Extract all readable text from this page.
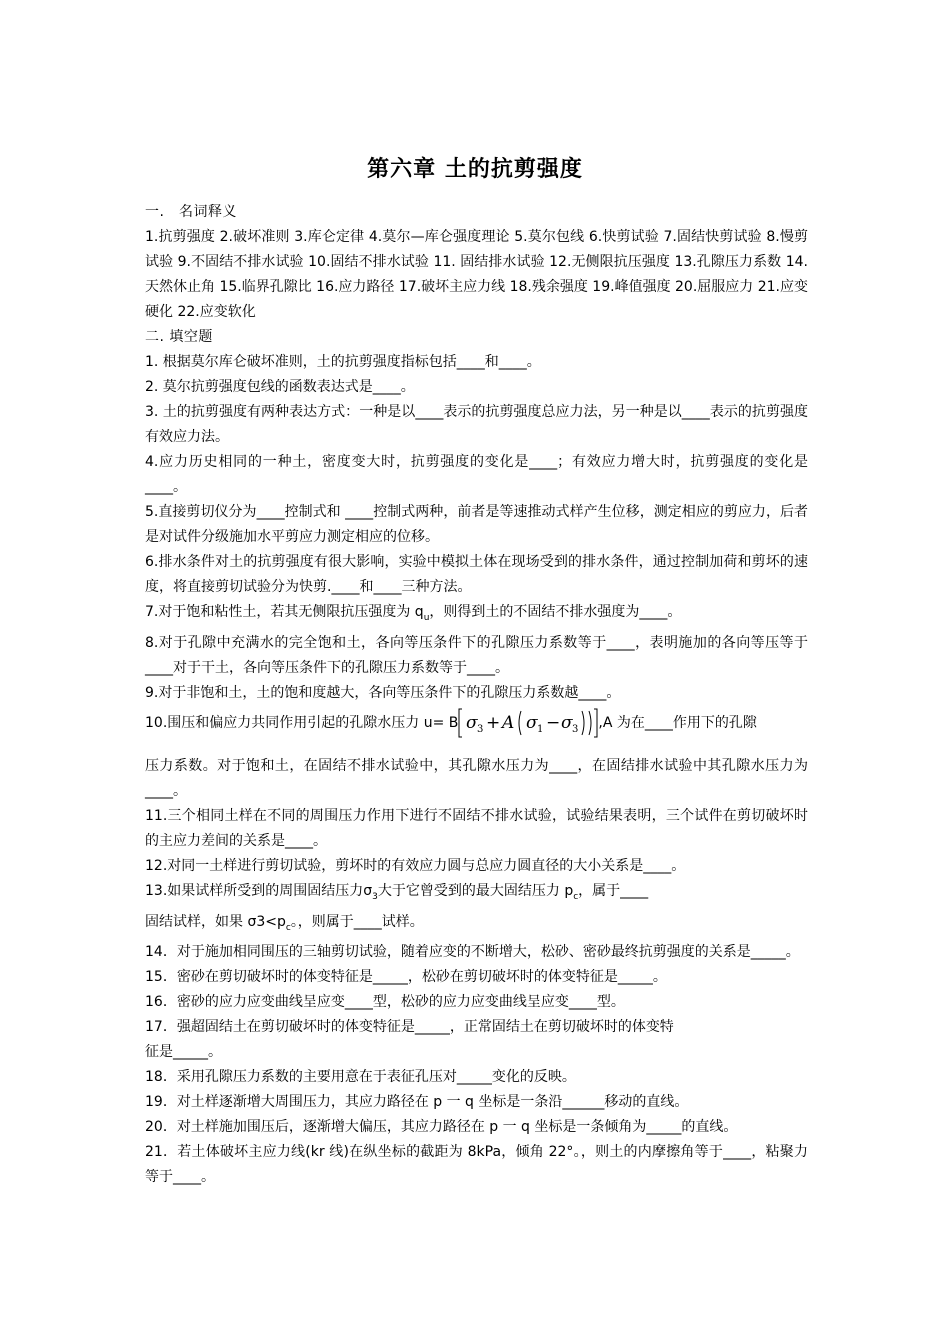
第六章 土的抗剪强度

一.　名词释义

1.抗剪强度 2.破坏准则 3.库仑定律 4.莫尔—库仑强度理论 5.莫尔包线 6.快剪试验 7.固结快剪试验 8.慢剪试验 9.不固结不排水试验 10.固结不排水试验 11. 固结排水试验 12.无侧限抗压强度 13.孔隙压力系数 14.天然休止角 15.临界孔隙比 16.应力路径 17.破坏主应力线 18.残余强度 19.峰值强度 20.屈服应力 21.应变硬化 22.应变软化

二. 填空题

1. 根据莫尔库仑破坏准则，土的抗剪强度指标包括____和____。

2. 莫尔抗剪强度包线的函数表达式是____。

3. 土的抗剪强度有两种表达方式：一种是以____表示的抗剪强度总应力法，另一种是以____表示的抗剪强度有效应力法。

4.应力历史相同的一种土，密度变大时，抗剪强度的变化是____；有效应力增大时，抗剪强度的变化是____。

5.直接剪切仪分为____控制式和 ____控制式两种，前者是等速推动式样产生位移，测定相应的剪应力，后者是对试件分级施加水平剪应力测定相应的位移。

6.排水条件对土的抗剪强度有很大影响，实验中模拟土体在现场受到的排水条件，通过控制加荷和剪坏的速度，将直接剪切试验分为快剪.____和____三种方法。

7.对于饱和粘性土，若其无侧限抗压强度为 $q_u$，则得到土的不固结不排水强度为____。

8.对于孔隙中充满水的完全饱和土，各向等压条件下的孔隙压力系数等于____，表明施加的各向等压等于____对于干土，各向等压条件下的孔隙压力系数等于____。

9.对于非饱和土，土的饱和度越大，各向等压条件下的孔隙压力系数越____。

10.围压和偏应力共同作用引起的孔隙水压力 u= B σ 3 + A σ 1 − σ 3 ,A 为在____作用下的孔隙

压力系数。对于饱和土，在固结不排水试验中，其孔隙水压力为____，在固结排水试验中其孔隙水压力为____。

11.三个相同土样在不同的周围压力作用下进行不固结不排水试验，试验结果表明，三个试件在剪切破坏时的主应力差间的关系是____。

12.对同一土样进行剪切试验，剪坏时的有效应力圆与总应力圆直径的大小关系是____。

13.如果试样所受到的周围固结压力$\sigma_3$大于它曾受到的最大固结压力 $p_c$，属于____

固结试样，如果 $\sigma 3<p_c$。，则属于____试样。

14．对于施加相同围压的三轴剪切试验，随着应变的不断增大，松砂、密砂最终抗剪强度的关系是_____。

15．密砂在剪切破坏时的体变特征是_____，松砂在剪切破坏时的体变特征是_____。

16．密砂的应力应变曲线呈应变____型，松砂的应力应变曲线呈应变____型。

17．强超固结土在剪切破坏时的体变特征是_____，正常固结土在剪切破坏时的体变特

征是_____。

18．采用孔隙压力系数的主要用意在于表征孔压对_____变化的反映。

19．对土样逐渐增大周围压力，其应力路径在 p 一 q 坐标是一条沿______移动的直线。

20．对土样施加围压后，逐渐增大偏压，其应力路径在 p 一 q 坐标是一条倾角为_____的直线。

21．若土体破坏主应力线(kr 线)在纵坐标的截距为 8kPa，倾角 22°。，则土的内摩擦角等于____，粘聚力等于____。
